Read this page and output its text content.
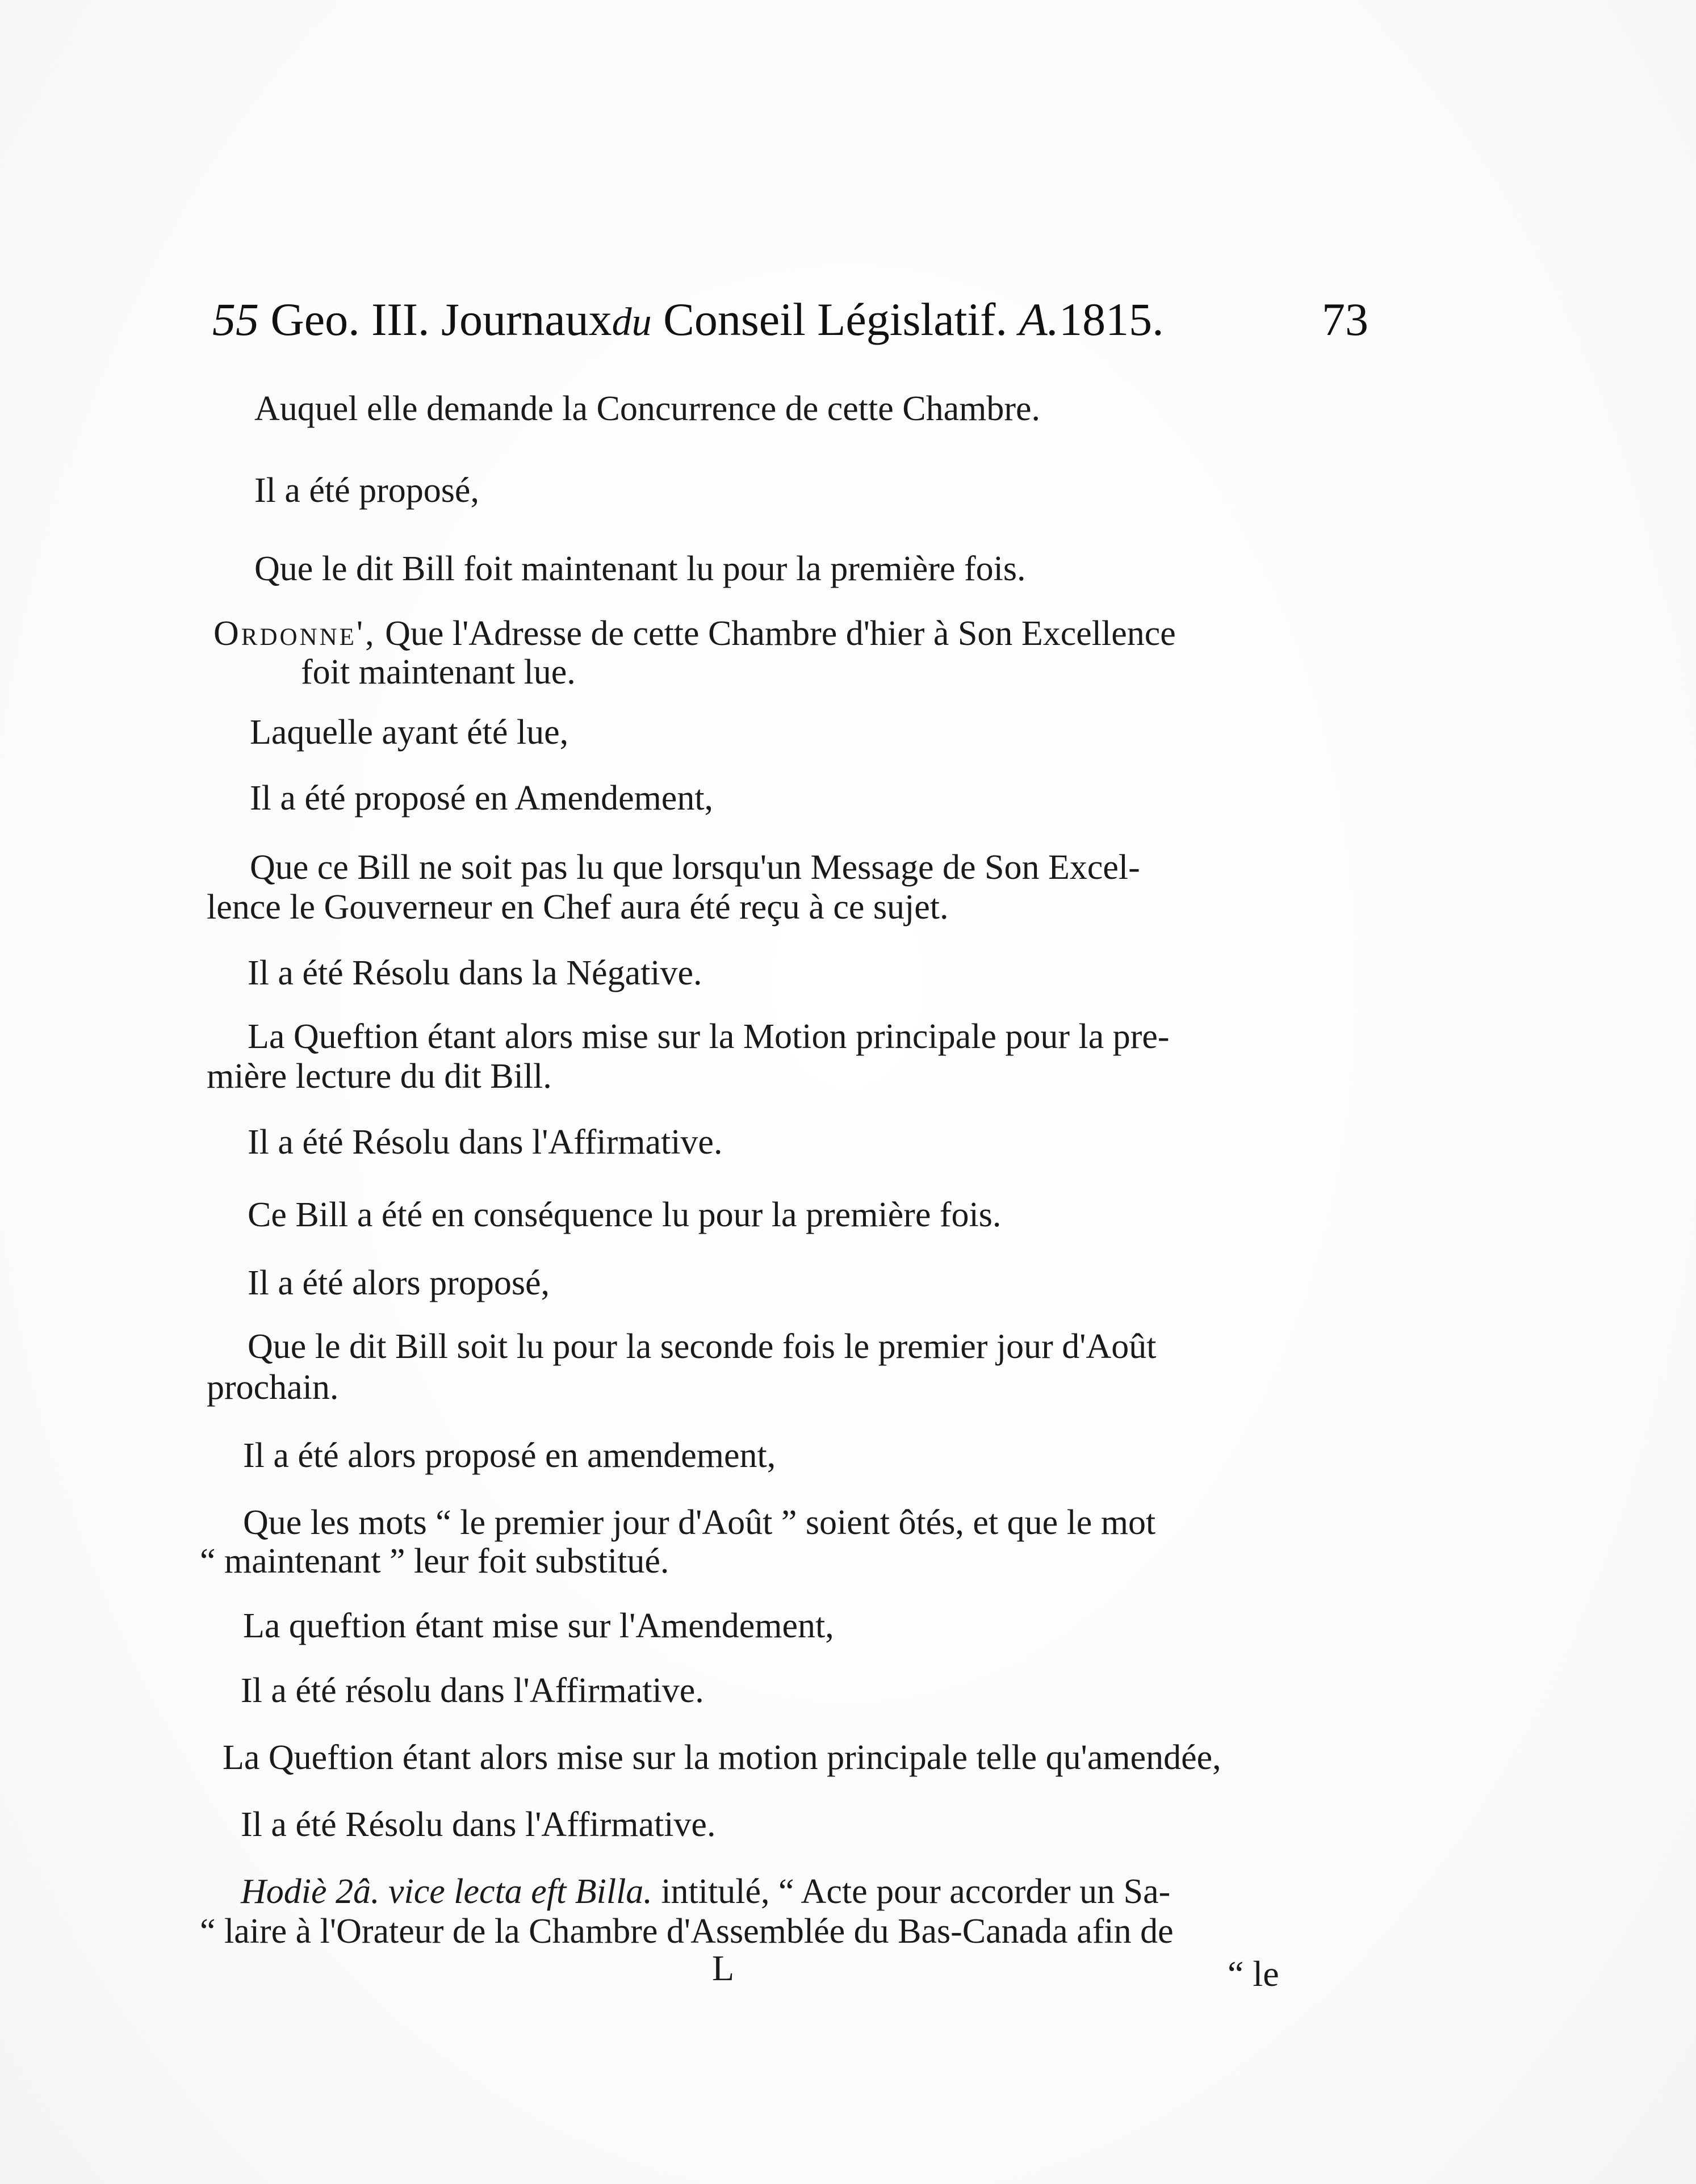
55 Geo. III. Journauxdu Conseil Législatif. A.1815.	73
Auquel elle demande la Concurrence de cette Chambre.
Il a été proposé,
Que le dit Bill foit maintenant lu pour la première fois.
Ordonne', Que l'Adresse de cette Chambre d'hier à Son Excellence
foit maintenant lue.
Laquelle ayant été lue,
Il a été proposé en Amendement,
Que ce Bill ne soit pas lu que lorsqu'un Message de Son Excel-
lence le Gouverneur en Chef aura été reçu à ce sujet.
Il a été Résolu dans la Négative.
La Queftion étant alors mise sur la Motion principale pour la pre-
mière lecture du dit Bill.
Il a été Résolu dans l'Affirmative.
Ce Bill a été en conséquence lu pour la première fois.
Il a été alors proposé,
Que le dit Bill soit lu pour la seconde fois le premier jour d'Août
prochain.
Il a été alors proposé en amendement,
Que les mots “ le premier jour d'Août ” soient ôtés, et que le mot
“ maintenant ” leur foit substitué.
La queftion étant mise sur l'Amendement,
Il a été résolu dans l'Affirmative.
La Queftion étant alors mise sur la motion principale telle qu'amendée,
Il a été Résolu dans l'Affirmative.
Hodiè 2â. vice lecta eft Billa. intitulé, “ Acte pour accorder un Sa-
“ laire à l'Orateur de la Chambre d'Assemblée du Bas-Canada afin de
L	“ le
